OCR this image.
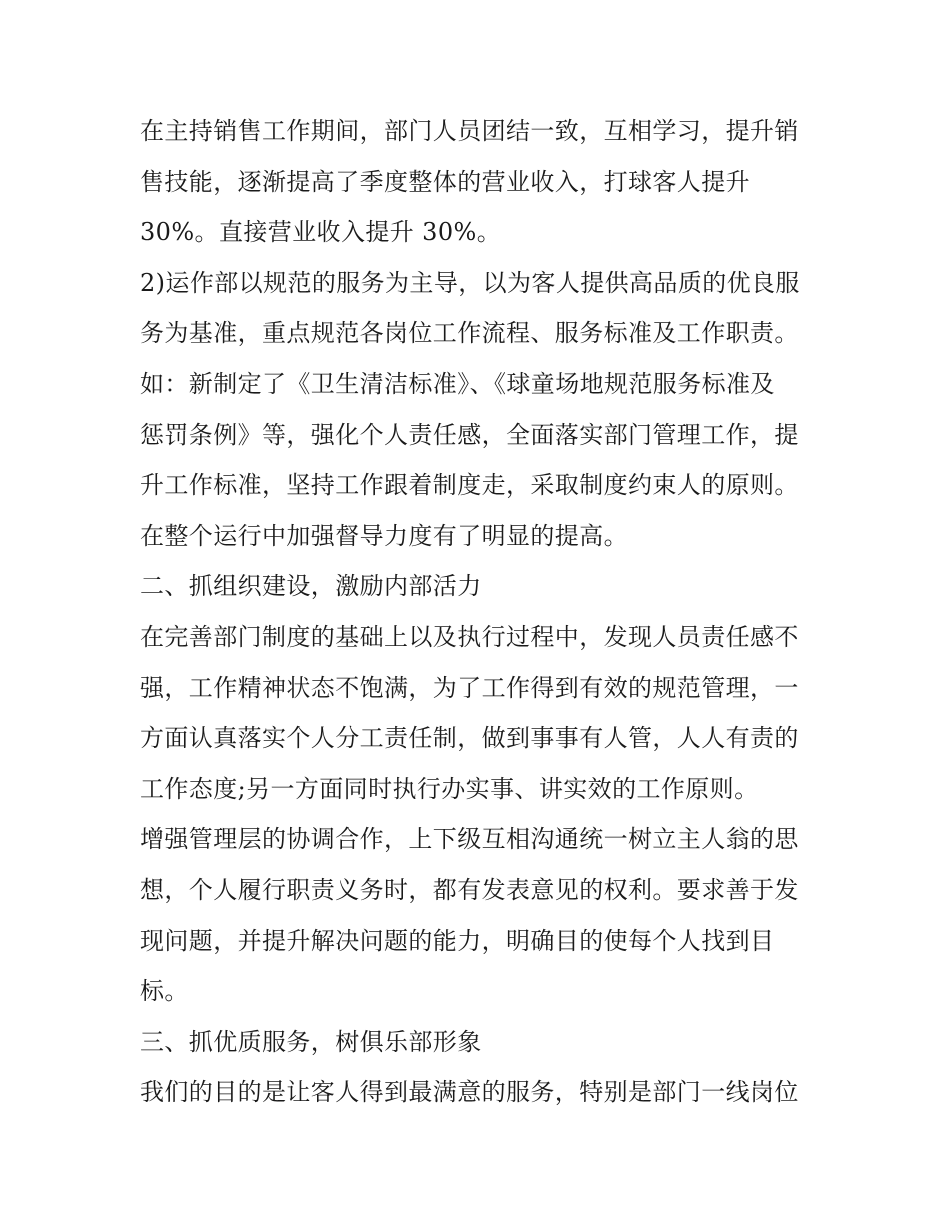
在主持销售工作期间，部门人员团结一致，互相学习，提升销
售技能，逐渐提高了季度整体的营业收入，打球客人提升
30%。直接营业收入提升 30%。
2)运作部以规范的服务为主导，以为客人提供高品质的优良服
务为基准，重点规范各岗位工作流程、服务标准及工作职责。
如：新制定了《卫生清洁标准》、《球童场地规范服务标准及
惩罚条例》等，强化个人责任感，全面落实部门管理工作，提
升工作标准，坚持工作跟着制度走，采取制度约束人的原则。
在整个运行中加强督导力度有了明显的提高。
二、抓组织建设，激励内部活力
在完善部门制度的基础上以及执行过程中，发现人员责任感不
强，工作精神状态不饱满，为了工作得到有效的规范管理，一
方面认真落实个人分工责任制，做到事事有人管，人人有责的
工作态度;另一方面同时执行办实事、讲实效的工作原则。
增强管理层的协调合作，上下级互相沟通统一树立主人翁的思
想，个人履行职责义务时，都有发表意见的权利。要求善于发
现问题，并提升解决问题的能力，明确目的使每个人找到目
标。
三、抓优质服务，树俱乐部形象
我们的目的是让客人得到最满意的服务，特别是部门一线岗位
